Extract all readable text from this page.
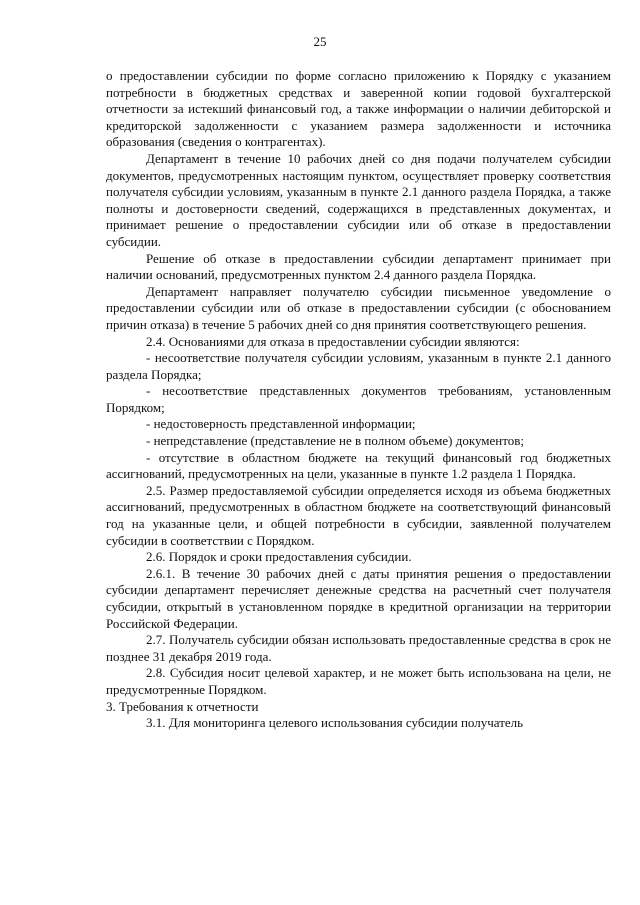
25

о предоставлении субсидии по форме согласно приложению к Порядку с указанием потребности в бюджетных средствах и заверенной копии годовой бухгалтерской отчетности за истекший финансовый год, а также информации о наличии дебиторской и кредиторской задолженности с указанием размера задолженности и источника образования (сведения о контрагентах).

Департамент в течение 10 рабочих дней со дня подачи получателем субсидии документов, предусмотренных настоящим пунктом, осуществляет проверку соответствия получателя субсидии условиям, указанным в пункте 2.1 данного раздела Порядка, а также полноты и достоверности сведений, содержащихся в представленных документах, и принимает решение о предоставлении субсидии или об отказе в предоставлении субсидии.

Решение об отказе в предоставлении субсидии департамент принимает при наличии оснований, предусмотренных пунктом 2.4 данного раздела Порядка.

Департамент направляет получателю субсидии письменное уведомление о предоставлении субсидии или об отказе в предоставлении субсидии (с обоснованием причин отказа) в течение 5 рабочих дней со дня принятия соответствующего решения.

2.4. Основаниями для отказа в предоставлении субсидии являются:

- несоответствие получателя субсидии условиям, указанным в пункте 2.1 данного раздела Порядка;

- несоответствие представленных документов требованиям, установленным Порядком;

- недостоверность представленной информации;

- непредставление (представление не в полном объеме) документов;

- отсутствие в областном бюджете на текущий финансовый год бюджетных ассигнований, предусмотренных на цели, указанные в пункте 1.2 раздела 1 Порядка.

2.5. Размер предоставляемой субсидии определяется исходя из объема бюджетных ассигнований, предусмотренных в областном бюджете на соответствующий финансовый год на указанные цели, и общей потребности в субсидии, заявленной получателем субсидии в соответствии с Порядком.

2.6. Порядок и сроки предоставления субсидии.

2.6.1. В течение 30 рабочих дней с даты принятия решения о предоставлении субсидии департамент перечисляет денежные средства на расчетный счет получателя субсидии, открытый в установленном порядке в кредитной организации на территории Российской Федерации.

2.7. Получатель субсидии обязан использовать предоставленные средства в срок не позднее 31 декабря 2019 года.

2.8. Субсидия носит целевой характер, и не может быть использована на цели, не предусмотренные Порядком.

3. Требования к отчетности

3.1. Для мониторинга целевого использования субсидии получатель
